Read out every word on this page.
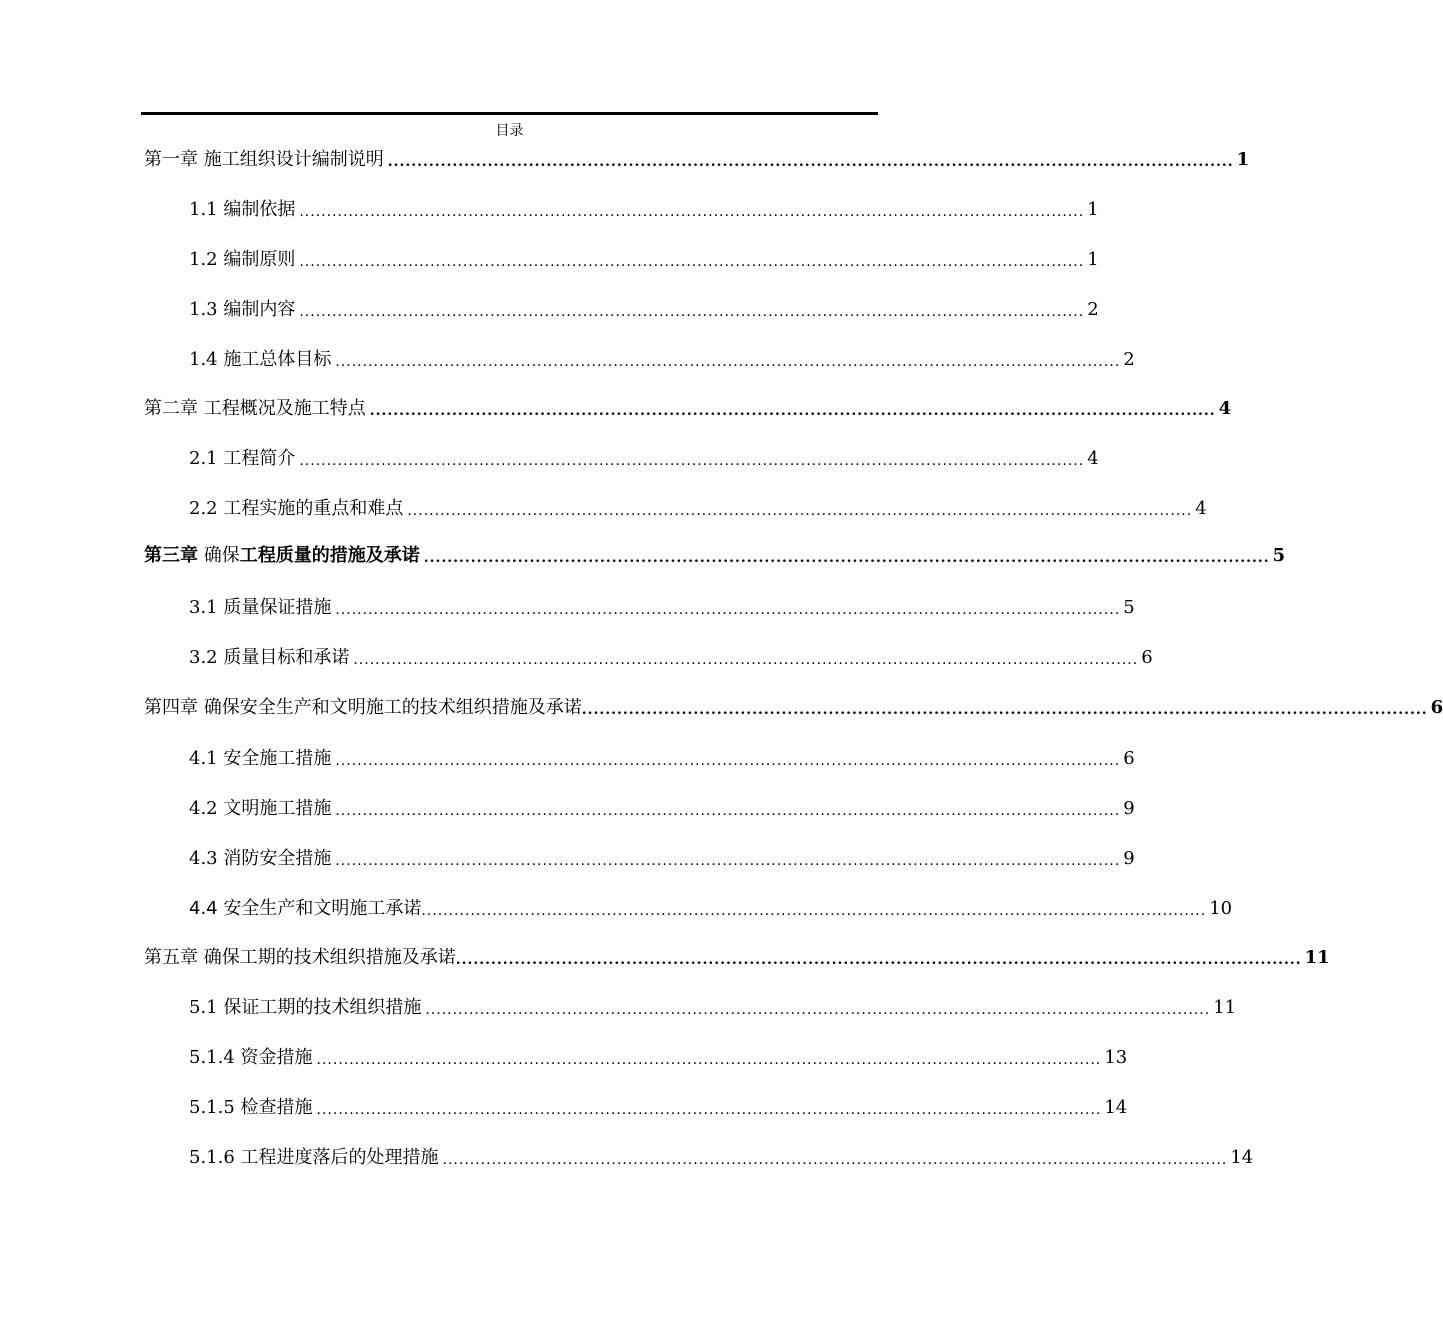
目录
第一章 施工组织设计编制说明 ................................................................................................................................................ 1
1.1 编制依据 ................................................................................................................................................ 1
1.2 编制原则 ................................................................................................................................................ 1
1.3 编制内容 ................................................................................................................................................ 2
1.4 施工总体目标 ................................................................................................................................................ 2
第二章 工程概况及施工特点 ................................................................................................................................................ 4
2.1 工程简介 ................................................................................................................................................ 4
2.2 工程实施的重点和难点 ................................................................................................................................................ 4
第三章 确保工程质量的措施及承诺 ................................................................................................................................................ 5
3.1 质量保证措施 ................................................................................................................................................ 5
3.2 质量目标和承诺 ................................................................................................................................................ 6
第四章 确保安全生产和文明施工的技术组织措施及承诺 ................................................................................................................................................ 6
4.1 安全施工措施 ................................................................................................................................................ 6
4.2 文明施工措施 ................................................................................................................................................ 9
4.3 消防安全措施 ................................................................................................................................................ 9
4.4 安全生产和文明施工承诺 ................................................................................................................................................ 10
第五章 确保工期的技术组织措施及承诺 ................................................................................................................................................ 11
5.1 保证工期的技术组织措施 ................................................................................................................................................ 11
5.1.4 资金措施 ................................................................................................................................................ 13
5.1.5 检查措施 ................................................................................................................................................ 14
5.1.6 工程进度落后的处理措施 ................................................................................................................................................ 14
